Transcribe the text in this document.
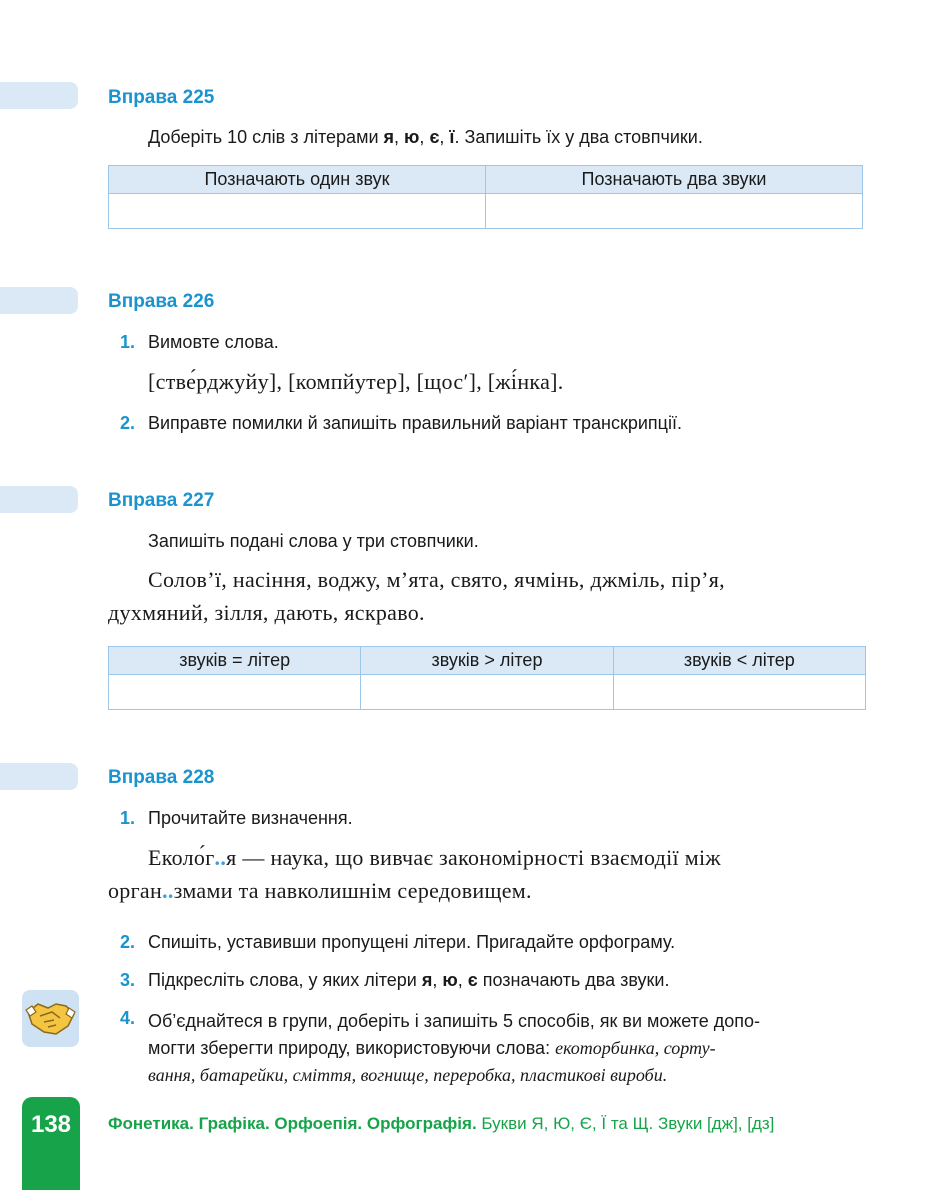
Вправа 225
Доберіть 10 слів з літерами я, ю, є, ї. Запишіть їх у два стовпчики.
Позначають один звук	Позначають два звуки

Вправа 226
1. Вимовте слова.
[стве́рджуйу], [компйутер], [щос′], [жі́нка].
2. Виправте помилки й запишіть правильний варіант транскрипції.
Вправа 227
Запишіть подані слова у три стовпчики.
Солов’ї, насіння, воджу, м’ята, свято, ячмінь, джміль, пір’я,
духмяний, зілля, дають, яскраво.
звуків = літер	звуків > літер	звуків < літер

Вправа 228
1. Прочитайте визначення.
Еколо́г..я — наука, що вивчає закономірності взаємодії між
орган..змами та навколишнім середовищем.
2. Спишіть, уставивши пропущені літери. Пригадайте орфограму.
3. Підкресліть слова, у яких літери я, ю, є позначають два звуки.
4. Об’єднайтеся в групи, доберіть і запишіть 5 способів, як ви можете допо-
могти зберегти природу, використовуючи слова: екоторбинка, сорту-
вання, батарейки, сміття, вогнище, переробка, пластикові вироби.
138	Фонетика. Графіка. Орфоепія. Орфографія. Букви Я, Ю, Є, Ї та Щ. Звуки [дж], [дз]
